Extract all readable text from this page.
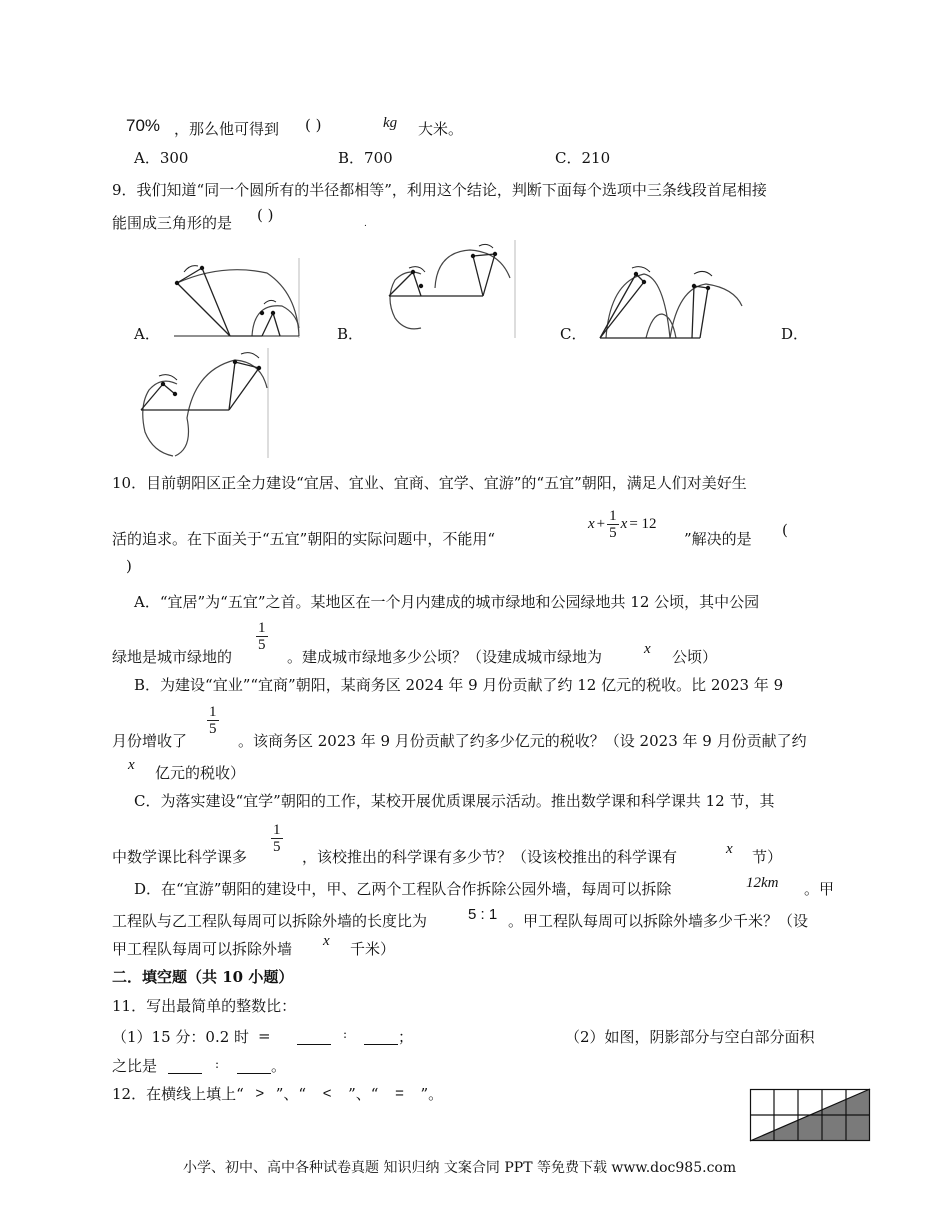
70% ，那么他可得到 ( )	kg 大米。
A．300	B．700	C．210
9．我们知道“同一个圆所有的半径都相等”，利用这个结论，判断下面每个选项中三条线段首尾相接
能围成三角形的是 ( )	.
A．	B．	C．	D．
10．目前朝阳区正全力建设“宜居、宜业、宜商、宜学、宜游”的“五宜”朝阳，满足人们对美好生
活的追求。在下面关于“五宜”朝阳的实际问题中，不能用“
$x + \frac{1}{5}$ x = 12
”解决的是 (
)
A．“宜居”为“五宜”之首。某地区在一个月内建成的城市绿地和公园绿地共 12 公顷，其中公园
绿地是城市绿地的
$\frac{1}{5}$
。建成城市绿地多少公顷？（设建成城市绿地为	x 公顷）
B．为建设“宜业”“宜商”朝阳，某商务区 2024 年 9 月份贡献了约 12 亿元的税收。比 2023 年 9
月份增收了
$\frac{1}{5}$
。该商务区 2023 年 9 月份贡献了约多少亿元的税收？（设 2023 年 9 月份贡献了约
x 亿元的税收）
C．为落实建设“宜学”朝阳的工作，某校开展优质课展示活动。推出数学课和科学课共 12 节，其
中数学课比科学课多
$\frac{1}{5}$
，该校推出的科学课有多少节？（设该校推出的科学课有	x 节）
D．在“宜游”朝阳的建设中，甲、乙两个工程队合作拆除公园外墙，每周可以拆除	12km 。甲
工程队与乙工程队每周可以拆除外墙的长度比为	5 : 1 。甲工程队每周可以拆除外墙多少千米？（设
甲工程队每周可以拆除外墙 x 千米）
二．填空题（共 10 小题）
11．写出最简单的整数比：
（1）15 分：0.2 时 =	:	；	（2）如图，阴影部分与空白部分面积
之比是	:	。
12．在横线上填上“ > ”、“	<	”、“	=	”。
小学、初中、高中各种试卷真题 知识归纳 文案合同 PPT 等免费下载 www.doc985.com
